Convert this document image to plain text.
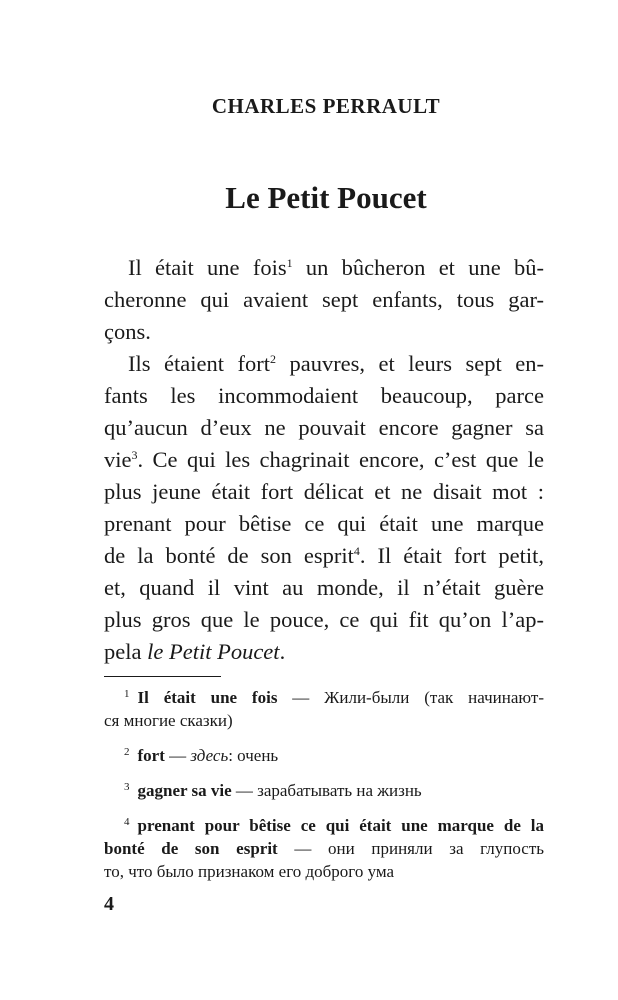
CHARLES PERRAULT
Le Petit Poucet
Il était une fois$^1$ un bûcheron et une bû-
cheronne qui avaient sept enfants, tous gar-
çons.
Ils étaient fort$^2$ pauvres, et leurs sept en-
fants les incommodaient beaucoup, parce
qu’aucun d’eux ne pouvait encore gagner sa
vie$^3$. Ce qui les chagrinait encore, c’est que le
plus jeune était fort délicat et ne disait mot :
prenant pour bêtise ce qui était une marque
de la bonté de son esprit$^4$. Il était fort petit,
et, quand il vint au monde, il n’était guère
plus gros que le pouce, ce qui fit qu’on l’ap-
pela le Petit Poucet.
$^1$ Il était une fois — Жили-были (так начинают-
ся многие сказки)
$^2$ fort — здесь: очень
$^3$ gagner sa vie — зарабатывать на жизнь
$^4$ prenant pour bêtise ce qui était une marque de la
bonté de son esprit — они приняли за глупость
то, что было признаком его доброго ума
4
